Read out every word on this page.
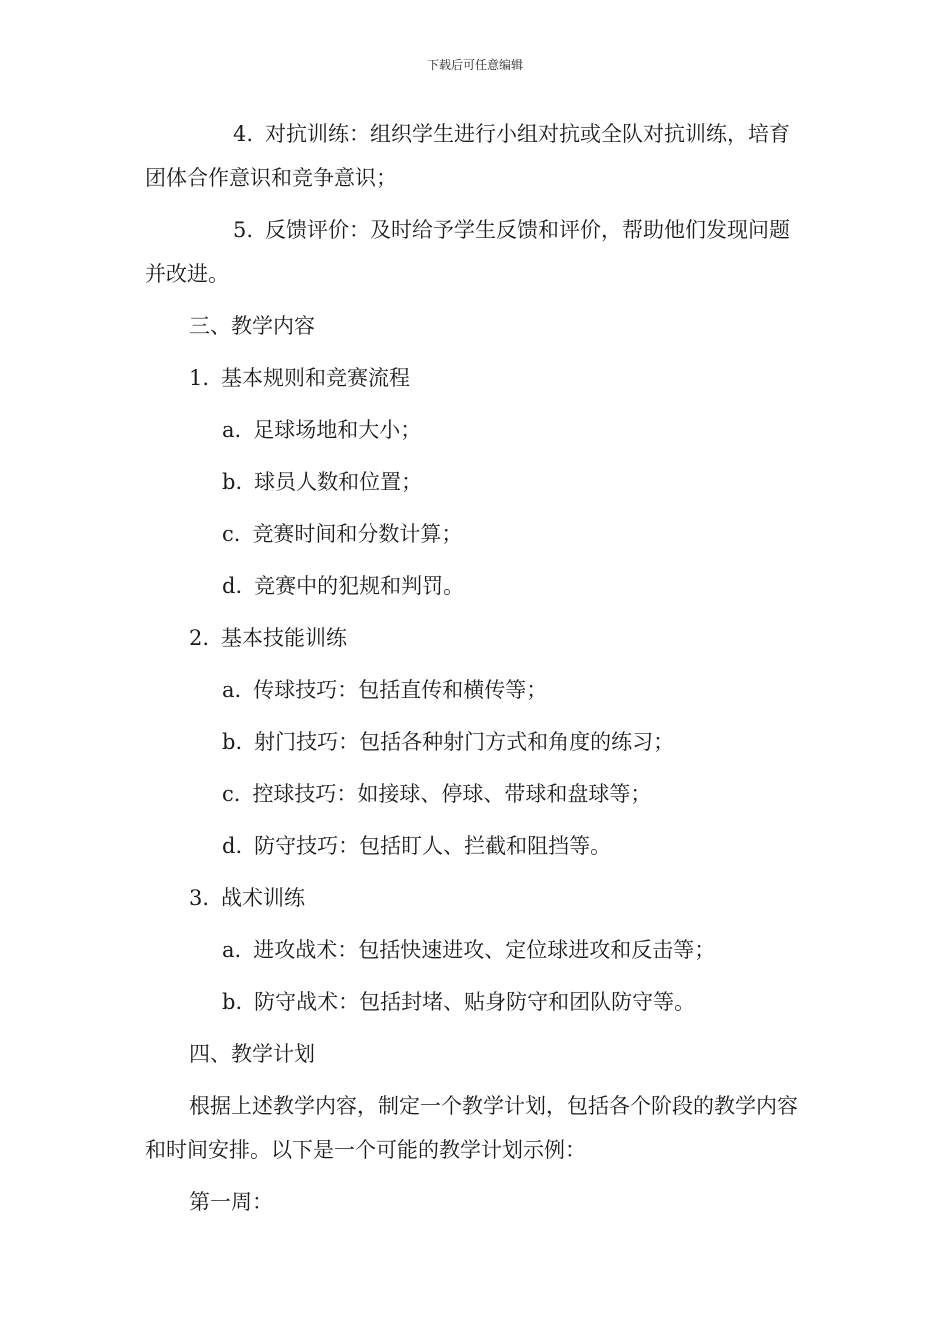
下载后可任意编辑

4. 对抗训练：组织学生进行小组对抗或全队对抗训练，培育团体合作意识和竞争意识；

5. 反馈评价：及时给予学生反馈和评价，帮助他们发现问题并改进。

三、教学内容
1. 基本规则和竞赛流程
a. 足球场地和大小；
b. 球员人数和位置；
c. 竞赛时间和分数计算；
d. 竞赛中的犯规和判罚。
2. 基本技能训练
a. 传球技巧：包括直传和横传等；
b. 射门技巧：包括各种射门方式和角度的练习；
c. 控球技巧：如接球、停球、带球和盘球等；
d. 防守技巧：包括盯人、拦截和阻挡等。
3. 战术训练
a. 进攻战术：包括快速进攻、定位球进攻和反击等；
b. 防守战术：包括封堵、贴身防守和团队防守等。
四、教学计划

根据上述教学内容，制定一个教学计划，包括各个阶段的教学内容和时间安排。以下是一个可能的教学计划示例：

第一周：
